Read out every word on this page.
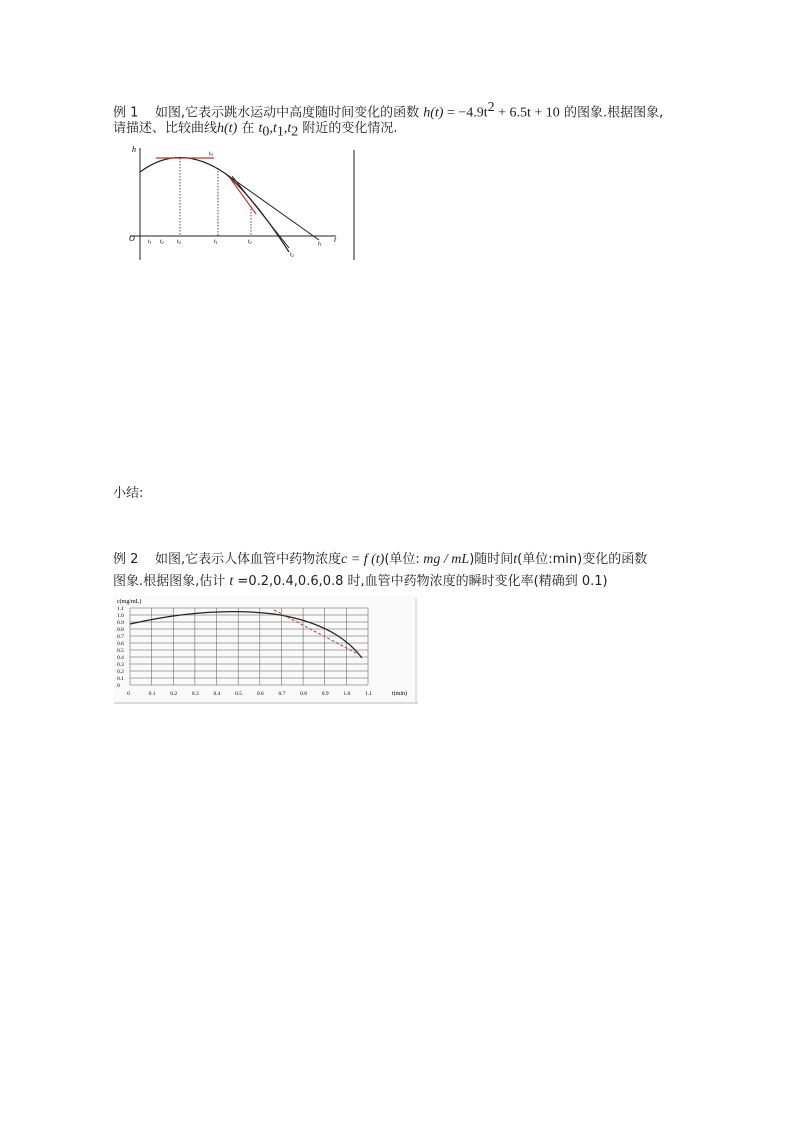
例 1 如图,它表示跳水运动中高度随时间变化的函数 $h(t) = -4.9t^2 + 6.5t + 10$ 的图象.根据图象,
请描述、比较曲线h(t) 在 $t_0,t_1,t_2$ 附近的变化情况.
h
t
O t1 t2 t0	t1	t2
t0
t1
t2
小结:
例 2 如图,它表示人体血管中药物浓度c = f (t)(单位: mg / mL)随时间t(单位:min)变化的函数
图象.根据图象,估计 t =0.2,0.4,0.6,0.8 时,血管中药物浓度的瞬时变化率(精确到 0.1)
c(mg/mL)
1.1
1.0
0.9
0.8
0.7
0.6
0.5
0.4
0.3
0.2
0.1
0
0	0.1	0.2	0.3	0.4	0.5	0.6	0.7	0.8	0.9	1.0	1.1	t(min)
